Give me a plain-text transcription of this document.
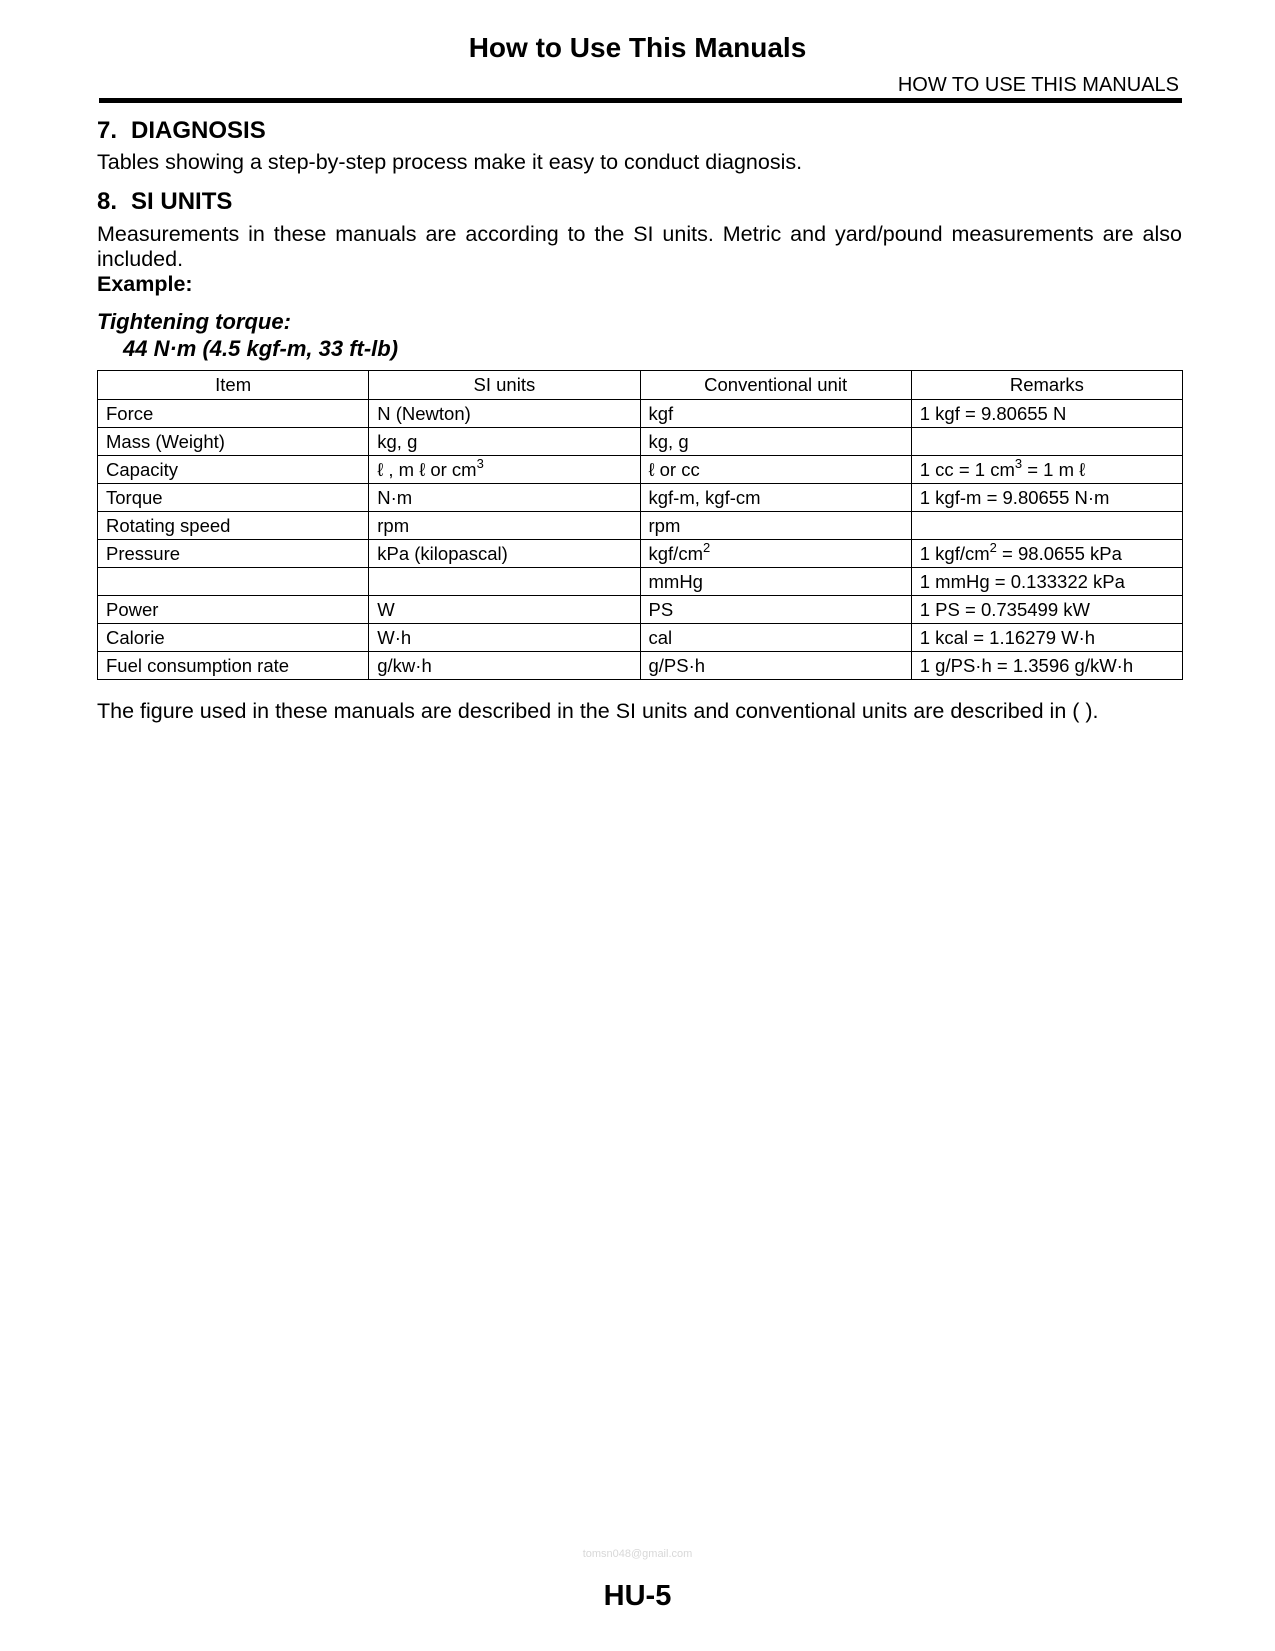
How to Use This Manuals
HOW TO USE THIS MANUALS
7. DIAGNOSIS

Tables showing a step-by-step process make it easy to conduct diagnosis.

8. SI UNITS

Measurements in these manuals are according to the SI units. Metric and yard/pound measurements are also included.

Example:

Tightening torque:
44 N·m (4.5 kgf-m, 33 ft-lb)
Item	SI units	Conventional unit	Remarks
Force	N (Newton)	kgf	1 kgf = 9.80655 N
Mass (Weight)	kg, g	kg, g	
Capacity	ℓ , m ℓ or $cm^3$	ℓ or cc	1 cc = 1 $cm^3 = 1$ m ℓ
Torque	N·m	kgf-m, kgf-cm	1 kgf-m = 9.80655 N·m
Rotating speed	rpm	rpm	
Pressure	kPa (kilopascal)	kgf/$cm^2$	1 kgf/$cm^2 = 98.0655$ kPa
		mmHg	1 mmHg = 0.133322 kPa
Power	W	PS	1 PS = 0.735499 kW
Calorie	W·h	cal	1 kcal = 1.16279 W·h
Fuel consumption rate	g/kw·h	g/PS·h	1 g/PS·h = 1.3596 g/kW·h

The figure used in these manuals are described in the SI units and conventional units are described in ( ).

tomsn048@gmail.com
HU-5
